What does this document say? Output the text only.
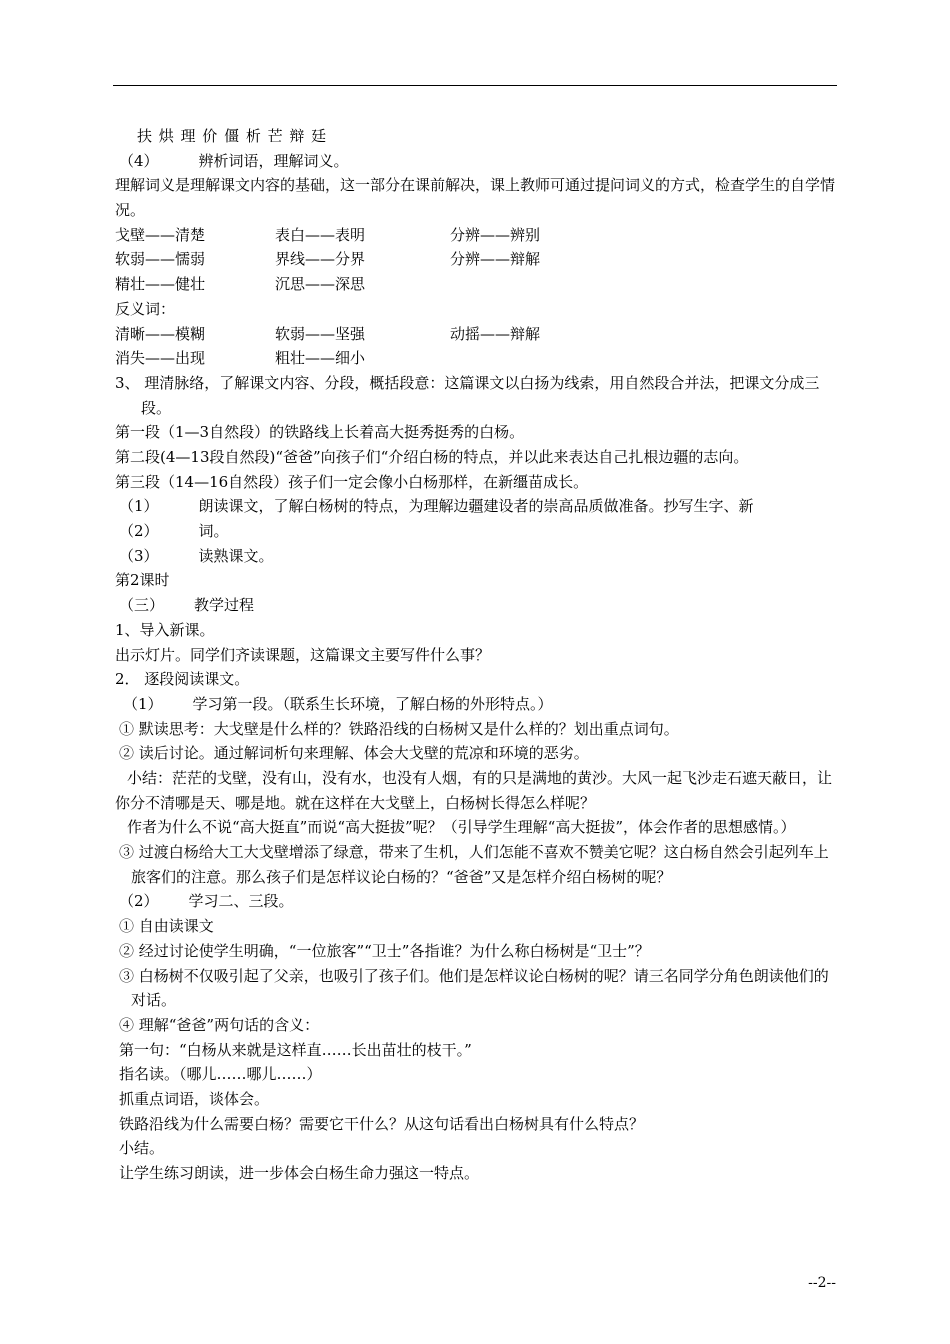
扶 烘 理 价 僵 析 芒 辩 廷
（4）	辨析词语，理解词义。
理解词义是理解课文内容的基础，这一部分在课前解决，课上教师可通过提问词义的方式，检查学生的自学情况。
戈壁——清楚	表白——表明	分辨——辨别
软弱——懦弱	界线——分界	分辨——辩解
精壮——健壮	沉思——深思
反义词：
清晰——模糊	软弱——坚强	动摇——辩解
消失——出现	粗壮——细小
3、 理清脉络，了解课文内容、分段，概括段意：这篇课文以白扬为线索，用自然段合并法，把课文分成三段。
第一段（1—3自然段）的铁路线上长着高大挺秀挺秀的白杨。
第二段(4—13段自然段)“爸爸”向孩子们“介绍白杨的特点，并以此来表达自己扎根边疆的志向。
第三段（14—16自然段）孩子们一定会像小白杨那样，在新缰苗成长。
（1）	朗读课文，了解白杨树的特点，为理解边疆建设者的崇高品质做准备。抄写生字、新
（2）	词。
（3）	读熟课文。
第2课时
（三） 教学过程
1、导入新课。
出示灯片。同学们齐读课题，这篇课文主要写件什么事？
2． 逐段阅读课文。
（1） 学习第一段。（联系生长环境，了解白杨的外形特点。）
① 默读思考：大戈壁是什么样的？铁路沿线的白杨树又是什么样的？划出重点词句。
② 读后讨论。通过解词析句来理解、体会大戈壁的荒凉和环境的恶劣。
小结：茫茫的戈壁，没有山，没有水，也没有人烟，有的只是满地的黄沙。大风一起飞沙走石遮天蔽日，让你分不清哪是天、哪是地。就在这样在大戈壁上，白杨树长得怎么样呢？
作者为什么不说“高大挺直”而说“高大挺拔”呢？（引导学生理解“高大挺拔”，体会作者的思想感情。）
③ 过渡白杨给大工大戈壁增添了绿意，带来了生机，人们怎能不喜欢不赞美它呢？这白杨自然会引起列车上旅客们的注意。那么孩子们是怎样议论白杨的？“爸爸”又是怎样介绍白杨树的呢？
（2） 学习二、三段。
① 自由读课文
② 经过讨论使学生明确，“一位旅客”“卫士”各指谁？为什么称白杨树是“卫士”？
③ 白杨树不仅吸引起了父亲，也吸引了孩子们。他们是怎样议论白杨树的呢？请三名同学分角色朗读他们的对话。
④ 理解“爸爸”两句话的含义：
第一句：“白杨从来就是这样直……长出苗壮的枝干。”
指名读。（哪儿……哪儿……）
抓重点词语，谈体会。
铁路沿线为什么需要白杨？需要它干什么？从这句话看出白杨树具有什么特点？
小结。
让学生练习朗读，进一步体会白杨生命力强这一特点。
--2--
